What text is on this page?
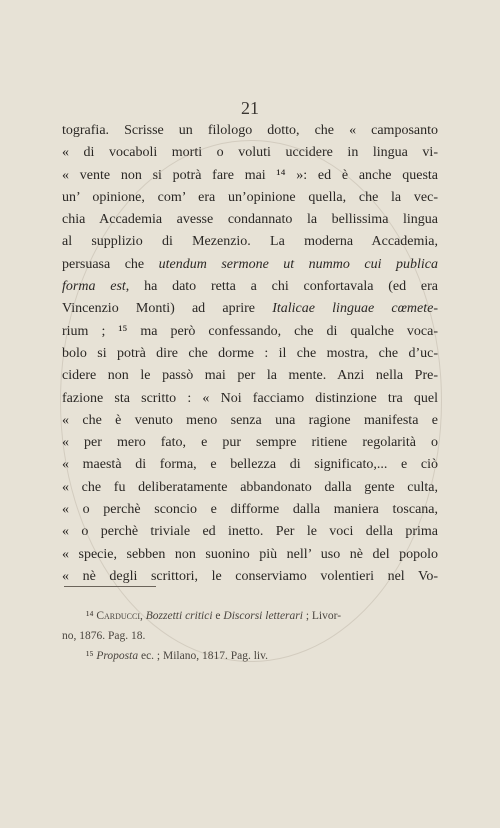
21
tografia. Scrisse un filologo dotto, che « camposanto
« di vocaboli morti o voluti uccidere in lingua vi-
« vente non si potrà fare mai ¹⁴ »: ed è anche questa
un’ opinione, com’ era un’opinione quella, che la vec-
chia Accademia avesse condannato la bellissima lingua
al supplizio di Mezenzio. La moderna Accademia,
persuasa che utendum sermone ut nummo cui publica
forma est, ha dato retta a chi confortavala (ed era
Vincenzio Monti) ad aprire Italicae linguae cœmete-
rium ; ¹⁵ ma però confessando, che di qualche voca-
bolo si potrà dire che dorme : il che mostra, che d’uc-
cidere non le passò mai per la mente. Anzi nella Pre-
fazione sta scritto : « Noi facciamo distinzione tra quel
« che è venuto meno senza una ragione manifesta e
« per mero fato, e pur sempre ritiene regolarità o
« maestà di forma, e bellezza di significato,... e ciò
« che fu deliberatamente abbandonato dalla gente culta,
« o perchè sconcio e difforme dalla maniera toscana,
« o perchè triviale ed inetto. Per le voci della prima
« specie, sebben non suonino più nell’ uso nè del popolo
« nè degli scrittori, le conserviamo volentieri nel Vo-
¹⁴ Carducci, Bozzetti critici e Discorsi letterari ; Livor-
no, 1876. Pag. 18.
¹⁵ Proposta ec. ; Milano, 1817. Pag. liv.
